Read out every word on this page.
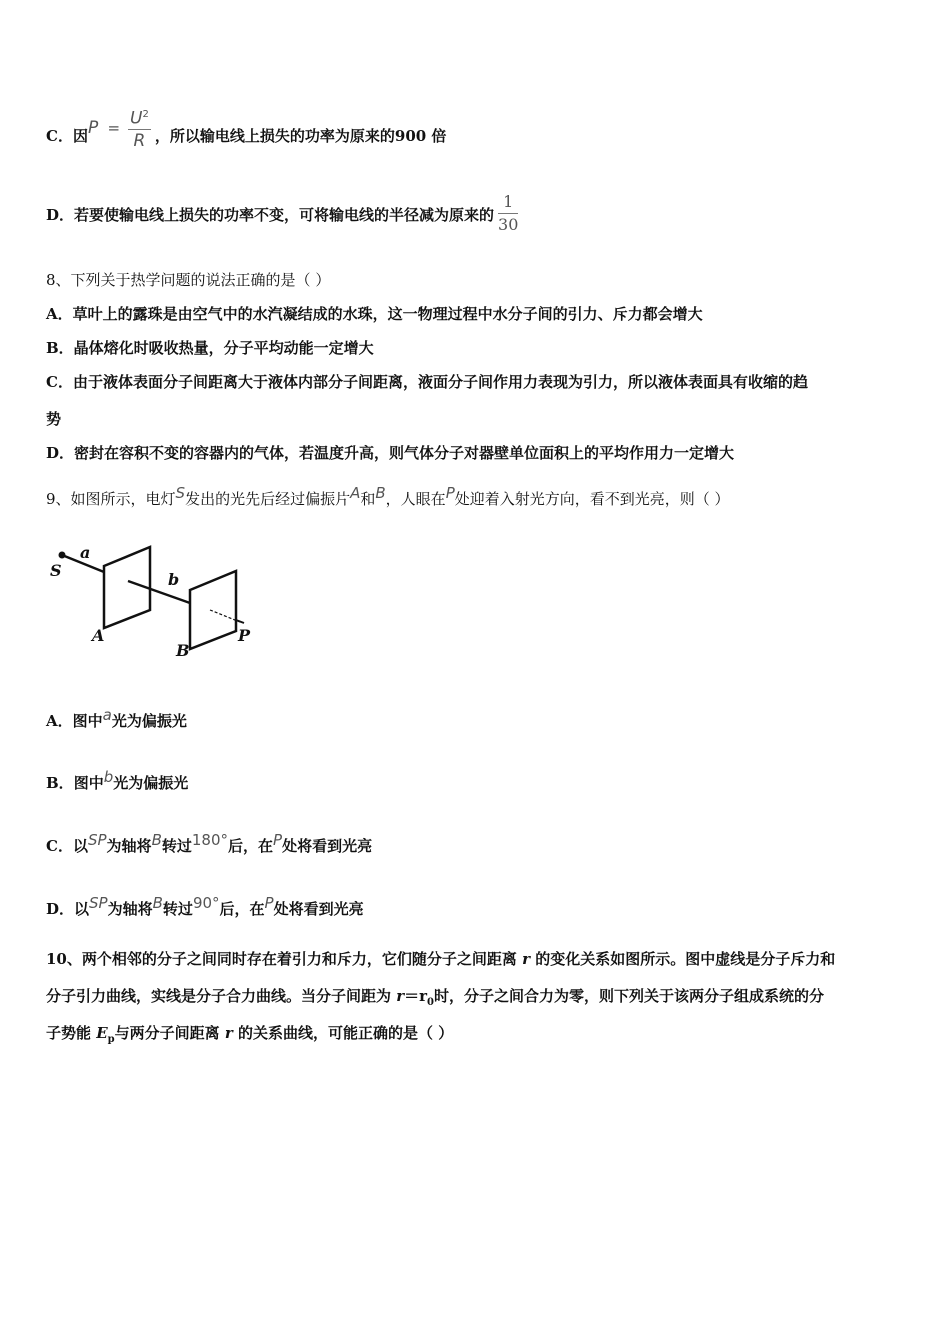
C．因$P = \frac{U^2}{R}$ ，所以输电线上损失的功率为原来的900 倍
D．若要使输电线上损失的功率不变，可将输电线的半径减为原来的 $\frac{1}{30}$
8、下列关于热学问题的说法正确的是（ ）
A．草叶上的露珠是由空气中的水汽凝结成的水珠，这一物理过程中水分子间的引力、斥力都会增大
B．晶体熔化时吸收热量，分子平均动能一定增大
C．由于液体表面分子间距离大于液体内部分子间距离，液面分子间作用力表现为引力，所以液体表面具有收缩的趋
势
D．密封在容积不变的容器内的气体，若温度升高，则气体分子对器壁单位面积上的平均作用力一定增大
9、如图所示，电灯S发出的光先后经过偏振片A和B，人眼在P处迎着入射光方向，看不到光亮，则（ ）
S
a
b
A
B
P
A．图中a光为偏振光
B．图中b光为偏振光
C．以SP为轴将B转过180°后，在P处将看到光亮
D．以SP为轴将B转过90°后，在P处将看到光亮
10、两个相邻的分子之间同时存在着引力和斥力，它们随分子之间距离 r 的变化关系如图所示。图中虚线是分子斥力和
分子引力曲线，实线是分子合力曲线。当分子间距为 $r=r_0$时，分子之间合力为零，则下列关于该两分子组成系统的分
子势能 $E_p$与两分子间距离 r 的关系曲线，可能正确的是（ ）
